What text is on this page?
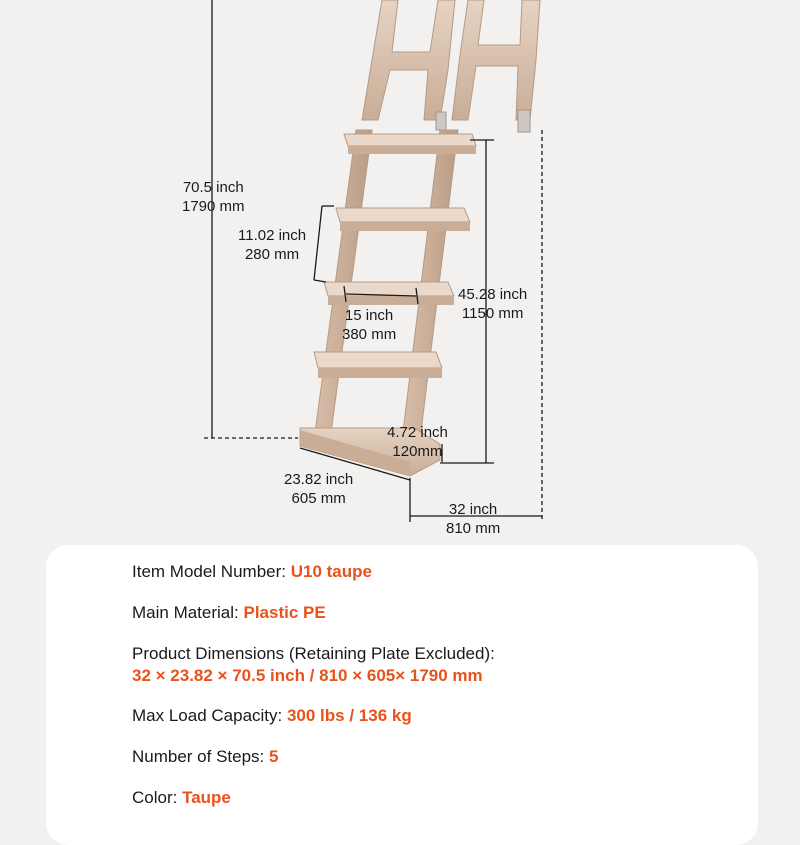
70.5 inch
1790 mm
11.02 inch
280 mm
15 inch
380 mm
45.28 inch
1150 mm
4.72 inch
120mm
23.82 inch
605 mm
32 inch
810 mm
Item Model Number: U10 taupe
Main Material: Plastic PE
Product Dimensions (Retaining Plate Excluded):
32 × 23.82 × 70.5 inch / 810 × 605× 1790 mm
Max Load Capacity: 300 lbs / 136 kg
Number of Steps: 5
Color: Taupe
